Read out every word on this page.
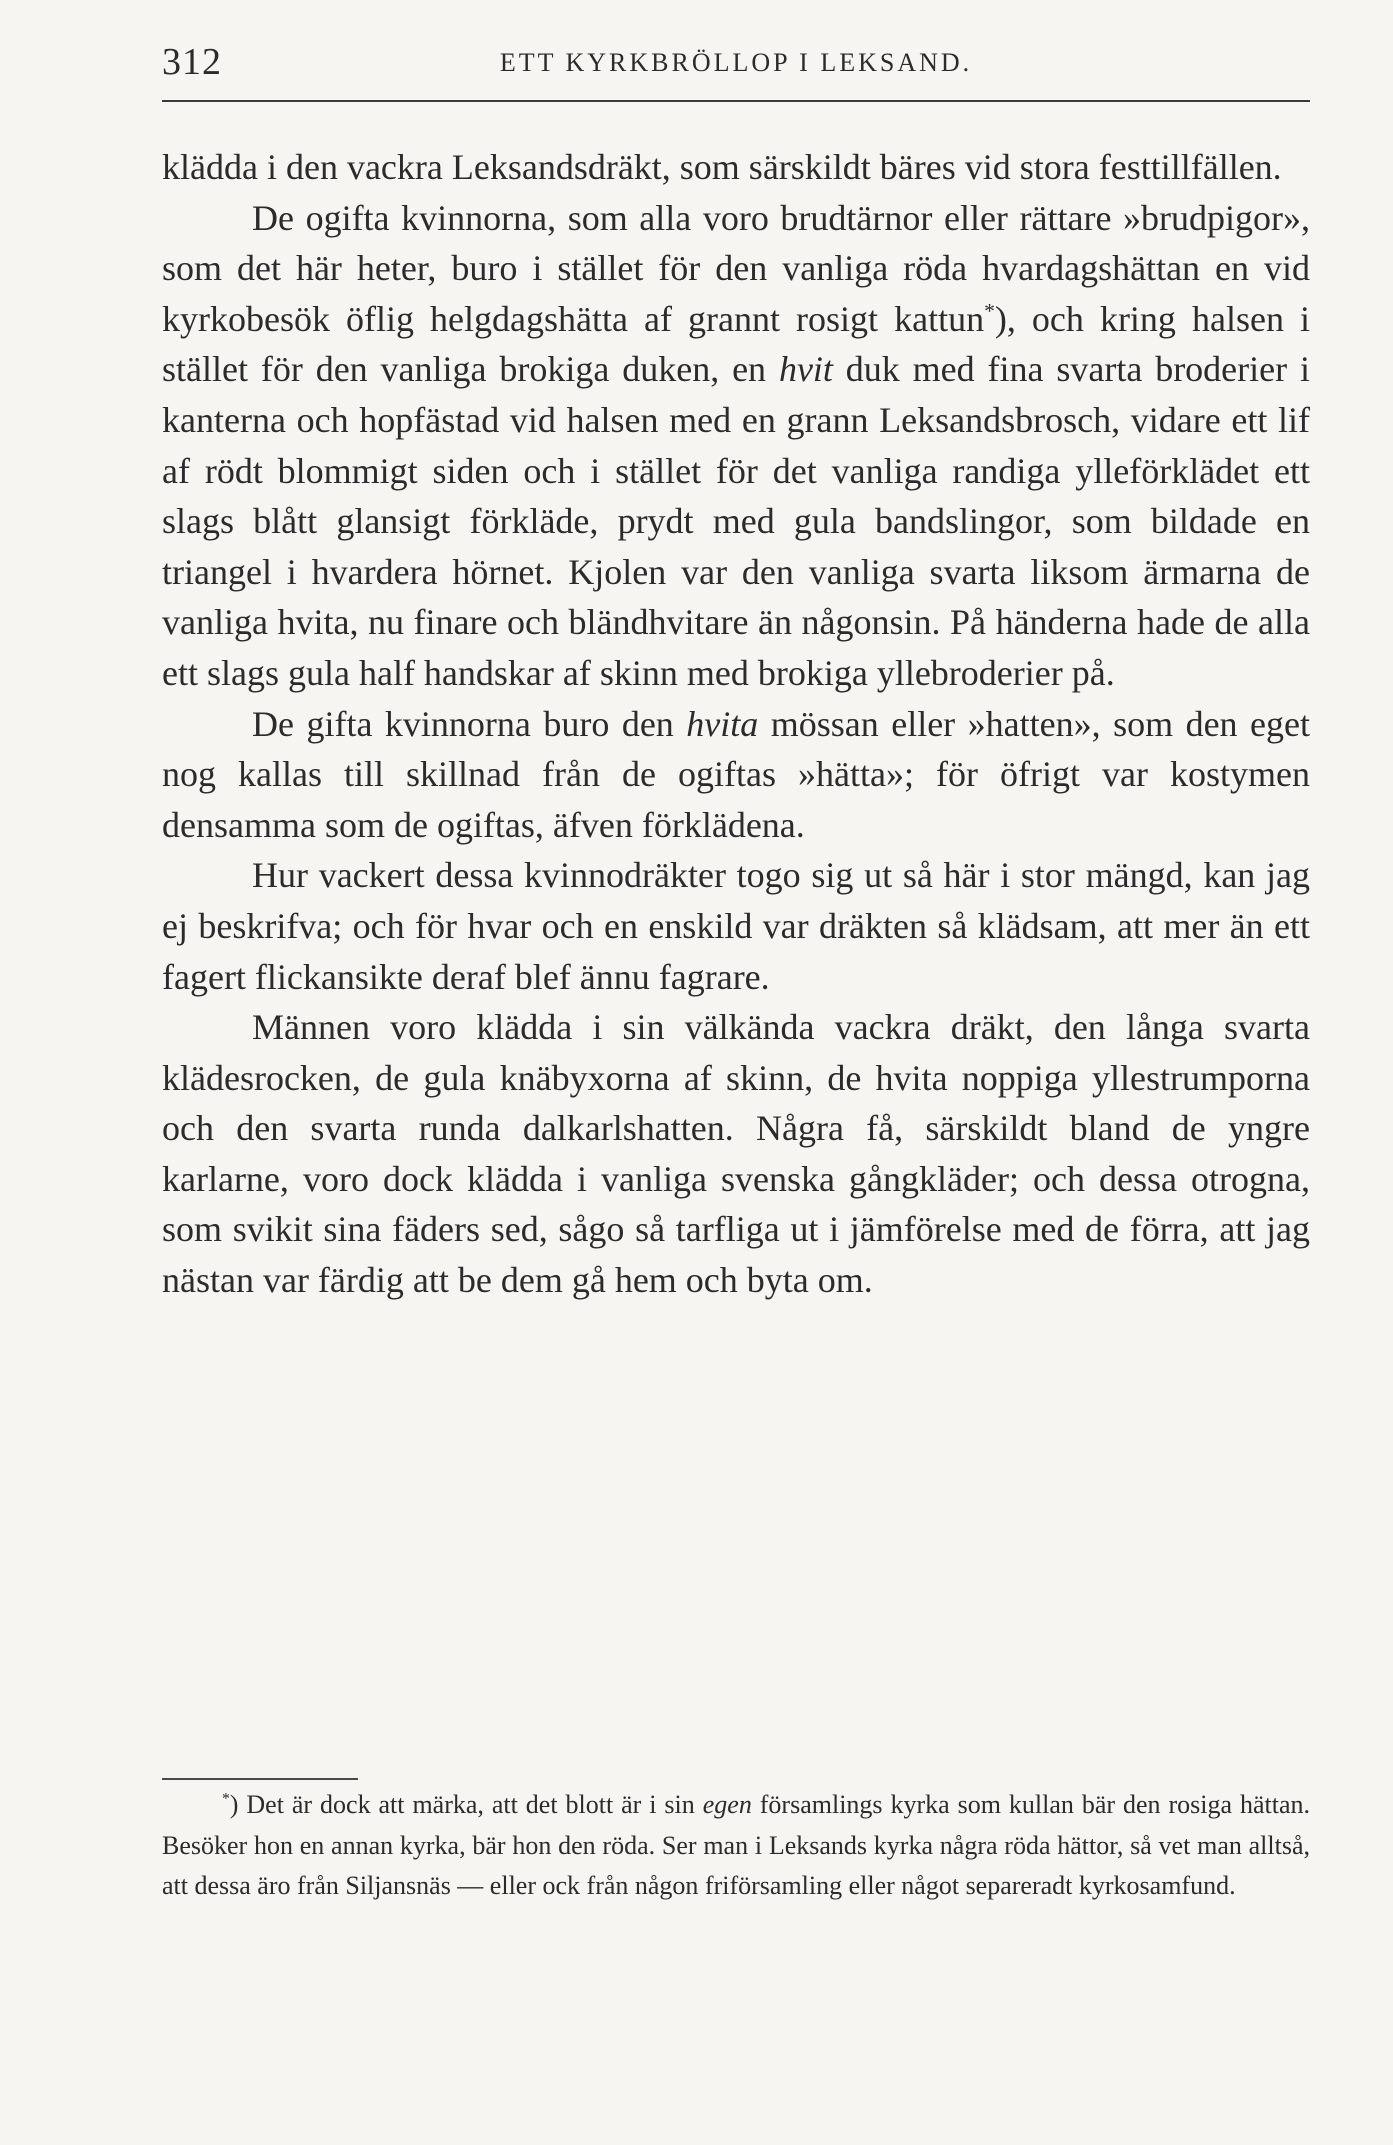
312	ETT KYRKBRÖLLOP I LEKSAND.

klädda i den vackra Leksandsdräkt, som särskildt bäres vid stora festtillfällen.

De ogifta kvinnorna, som alla voro brudtärnor eller rättare »brudpigor», som det här heter, buro i stället för den vanliga röda hvardagshättan en vid kyrkobesök öflig helgdagshätta af grannt rosigt kattun*), och kring halsen i stället för den vanliga brokiga duken, en hvit duk med fina svarta broderier i kanterna och hopfästad vid halsen med en grann Leksandsbrosch, vidare ett lif af rödt blommigt siden och i stället för det vanliga randiga ylleförklädet ett slags blått glansigt förkläde, prydt med gula bandslingor, som bildade en triangel i hvardera hörnet. Kjolen var den vanliga svarta liksom ärmarna de vanliga hvita, nu finare och bländhvitare än någonsin. På händerna hade de alla ett slags gula half handskar af skinn med brokiga yllebroderier på.

De gifta kvinnorna buro den hvita mössan eller »hatten», som den eget nog kallas till skillnad från de ogiftas »hätta»; för öfrigt var kostymen densamma som de ogiftas, äfven förklädena.

Hur vackert dessa kvinnodräkter togo sig ut så här i stor mängd, kan jag ej beskrifva; och för hvar och en enskild var dräkten så klädsam, att mer än ett fagert flickansikte deraf blef ännu fagrare.

Männen voro klädda i sin välkända vackra dräkt, den långa svarta klädesrocken, de gula knäbyxorna af skinn, de hvita noppiga yllestrumporna och den svarta runda dalkarlshatten. Några få, särskildt bland de yngre karlarne, voro dock klädda i vanliga svenska gångkläder; och dessa otrogna, som svikit sina fäders sed, sågo så tarfliga ut i jämförelse med de förra, att jag nästan var färdig att be dem gå hem och byta om.

*) Det är dock att märka, att det blott är i sin egen församlings kyrka som kullan bär den rosiga hättan. Besöker hon en annan kyrka, bär hon den röda. Ser man i Leksands kyrka några röda hättor, så vet man alltså, att dessa äro från Siljansnäs — eller ock från någon friförsamling eller något separeradt kyrkosamfund.
